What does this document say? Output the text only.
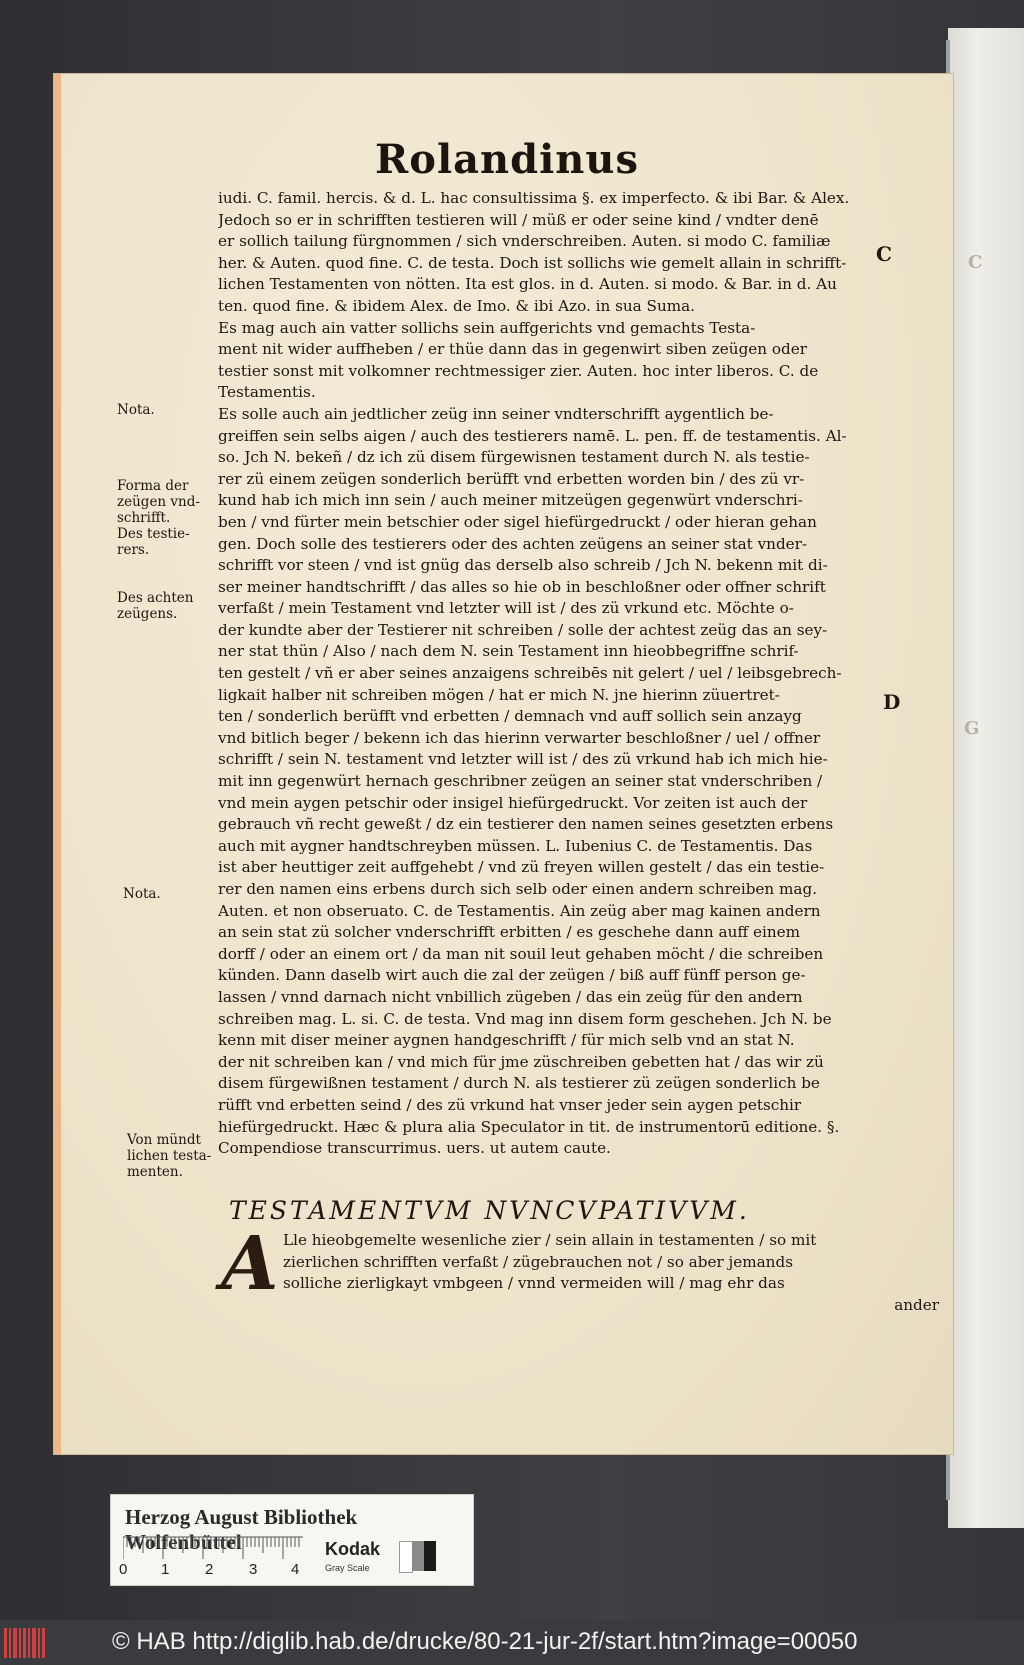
C
G
Rolandinus
iudi. C. famil. hercis. & d. L. hac consultissima §. ex imperfecto. & ibi Bar. & Alex.
Jedoch so er in schrifften testieren will / müß er oder seine kind / vndter denē
er sollich tailung fürgnommen / sich vnderschreiben. Auten. si modo C. familiæ
her. & Auten. quod fine. C. de testa. Doch ist sollichs wie gemelt allain in schrifft-
lichen Testamenten von nötten. Ita est glos. in d. Auten. si modo. & Bar. in d. Au
ten. quod fine. & ibidem Alex. de Imo. & ibi Azo. in sua Suma.
Es mag auch ain vatter sollichs sein auffgerichts vnd gemachts Testa-
ment nit wider auffheben / er thüe dann das in gegenwirt siben zeügen oder
testier sonst mit volkomner rechtmessiger zier. Auten. hoc inter liberos. C. de
Testamentis.
Es solle auch ain jedtlicher zeüg inn seiner vndterschrifft aygentlich be-
greiffen sein selbs aigen / auch des testierers namē. L. pen. ff. de testamentis. Al-
so. Jch N. bekeñ / dz ich zü disem fürgewisnen testament durch N. als testie-
rer zü einem zeügen sonderlich berüfft vnd erbetten worden bin / des zü vr-
kund hab ich mich inn sein / auch meiner mitzeügen gegenwürt vnderschri-
ben / vnd fürter mein betschier oder sigel hiefürgedruckt / oder hieran gehan
gen. Doch solle des testierers oder des achten zeügens an seiner stat vnder-
schrifft vor steen / vnd ist gnüg das derselb also schreib / Jch N. bekenn mit di-
ser meiner handtschrifft / das alles so hie ob in beschloßner oder offner schrift
verfaßt / mein Testament vnd letzter will ist / des zü vrkund etc. Möchte o-
der kundte aber der Testierer nit schreiben / solle der achtest zeüg das an sey-
ner stat thün / Also / nach dem N. sein Testament inn hieobbegriffne schrif-
ten gestelt / vñ er aber seines anzaigens schreibēs nit gelert / uel / leibsgebrech-
ligkait halber nit schreiben mögen / hat er mich N. jne hierinn züuertret-
ten / sonderlich berüfft vnd erbetten / demnach vnd auff sollich sein anzayg
vnd bitlich beger / bekenn ich das hierinn verwarter beschloßner / uel / offner
schrifft / sein N. testament vnd letzter will ist / des zü vrkund hab ich mich hie-
mit inn gegenwürt hernach geschribner zeügen an seiner stat vnderschriben /
vnd mein aygen petschir oder insigel hiefürgedruckt. Vor zeiten ist auch der
gebrauch vñ recht geweßt / dz ein testierer den namen seines gesetzten erbens
auch mit aygner handtschreyben müssen. L. Iubenius C. de Testamentis. Das
ist aber heuttiger zeit auffgehebt / vnd zü freyen willen gestelt / das ein testie-
rer den namen eins erbens durch sich selb oder einen andern schreiben mag.
Auten. et non obseruato. C. de Testamentis. Ain zeüg aber mag kainen andern
an sein stat zü solcher vnderschrifft erbitten / es geschehe dann auff einem
dorff / oder an einem ort / da man nit souil leut gehaben möcht / die schreiben
künden. Dann daselb wirt auch die zal der zeügen / biß auff fünff person ge-
lassen / vnnd darnach nicht vnbillich zügeben / das ein zeüg für den andern
schreiben mag. L. si. C. de testa. Vnd mag inn disem form geschehen. Jch N. be
kenn mit diser meiner aygnen handgeschrifft / für mich selb vnd an stat N.
der nit schreiben kan / vnd mich für jme züschreiben gebetten hat / das wir zü
disem fürgewißnen testament / durch N. als testierer zü zeügen sonderlich be
rüfft vnd erbetten seind / des zü vrkund hat vnser jeder sein aygen petschir
hiefürgedruckt. Hæc & plura alia Speculator in tit. de instrumentorū editione. §.
Compendiose transcurrimus. uers. ut autem caute.
Nota.
Forma der
zeügen vnd-
schrifft.
Des testie-
rers.
Des achten
zeügens.
Nota.
Von mündt
lichen testa-
menten.
C
D
TESTAMENTVM NVNCVPATIVVM.
A Lle hieobgemelte wesenliche zier / sein allain in testamenten / so mit
zierlichen schrifften verfaßt / zügebrauchen not / so aber jemands
solliche zierligkayt vmbgeen / vnnd vermeiden will / mag ehr das
ander
Herzog August Bibliothek Wolfenbüttel
0 1 2 3 4
Kodak
Gray Scale
© HAB http://diglib.hab.de/drucke/80-21-jur-2f/start.htm?image=00050
